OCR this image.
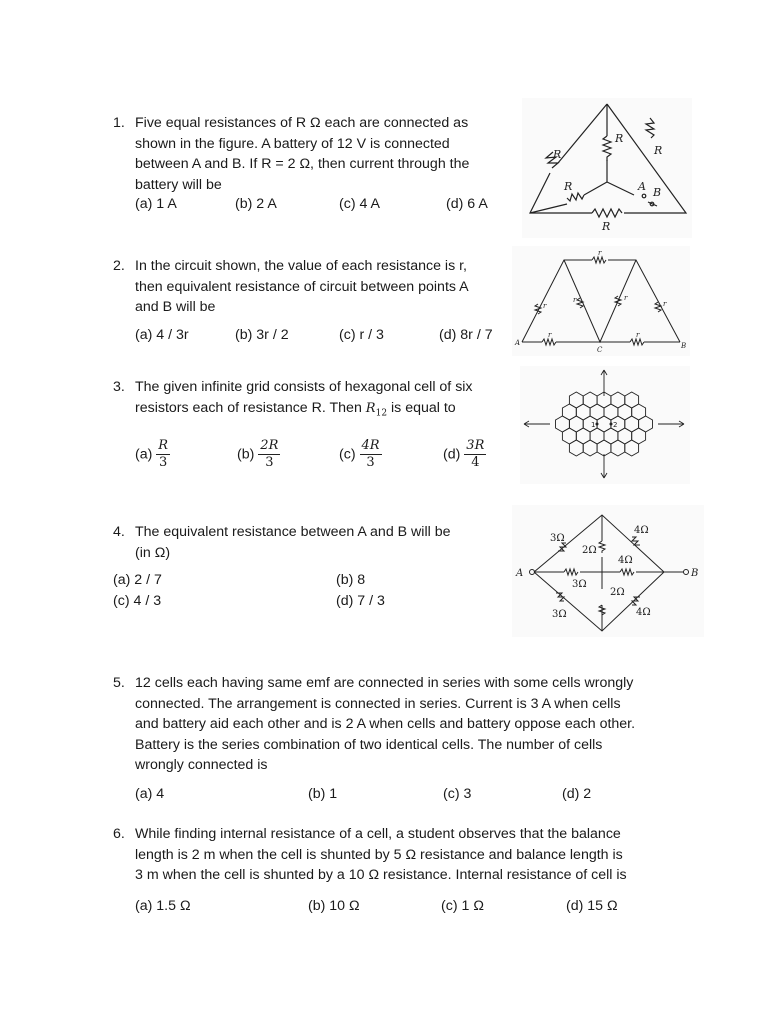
1. Five equal resistances of R Ω each are connected as
shown in the figure. A battery of 12 V is connected
between A and B. If R = 2 Ω, then current through the
battery will be
(a) 1 A	(b) 2 A	(c) 4 A	(d) 6 A
R
R
R
R
R
A B
2. In the circuit shown, the value of each resistance is r,
then equivalent resistance of circuit between points A
and B will be
(a) 4 / 3r	(b) 3r / 2	(c) r / 3	(d) 8r / 7
r
r
r	r
r
r	r
A
C	B
3. The given infinite grid consists of hexagonal cell of six
resistors each of resistance R. Then $R_{12}$ is equal to
$(a) \frac{R}{3}$	$(b) \frac{2R}{3}$	$(c) \frac{4R}{3}$	$(d) \frac{3R}{4}$
1	2
4. The equivalent resistance between A and B will be
(in Ω)
(a) 2 / 7	(b) 8
(c) 4 / 3	(d) 7 / 3
3Ω
4Ω
2Ω
4Ω
3Ω
2Ω
3Ω	4Ω
A	B
5. 12 cells each having same emf are connected in series with some cells wrongly
connected. The arrangement is connected in series. Current is 3 A when cells
and battery aid each other and is 2 A when cells and battery oppose each other.
Battery is the series combination of two identical cells. The number of cells
wrongly connected is
(a) 4	(b) 1	(c) 3	(d) 2
6. While finding internal resistance of a cell, a student observes that the balance
length is 2 m when the cell is shunted by 5 Ω resistance and balance length is
3 m when the cell is shunted by a 10 Ω resistance. Internal resistance of cell is
(a) 1.5 Ω	(b) 10 Ω	(c) 1 Ω	(d) 15 Ω
